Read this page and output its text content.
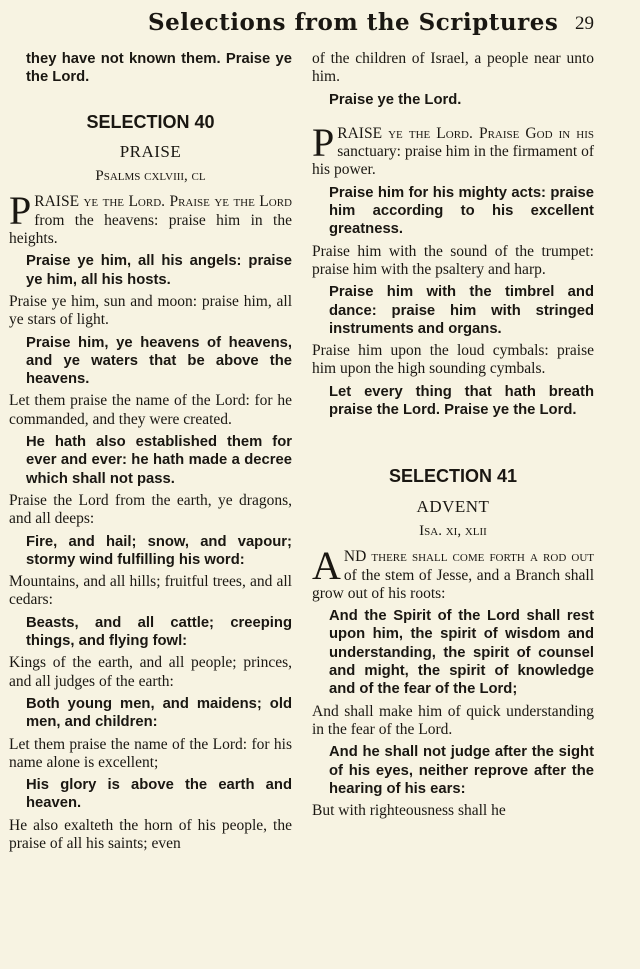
Selections from the Scriptures 29

they have not known them. Praise ye the Lord.

SELECTION 40
PRAISE
Psalms cxlviii, cl

PRAISE ye the Lord. Praise ye the Lord from the heavens: praise him in the heights.

Praise ye him, all his angels: praise ye him, all his hosts.

Praise ye him, sun and moon: praise him, all ye stars of light.

Praise him, ye heavens of heavens, and ye waters that be above the heavens.

Let them praise the name of the Lord: for he commanded, and they were created.

He hath also established them for ever and ever: he hath made a decree which shall not pass.

Praise the Lord from the earth, ye dragons, and all deeps:

Fire, and hail; snow, and vapour; stormy wind fulfilling his word:

Mountains, and all hills; fruitful trees, and all cedars:

Beasts, and all cattle; creeping things, and flying fowl:

Kings of the earth, and all people; princes, and all judges of the earth:

Both young men, and maidens; old men, and children:

Let them praise the name of the Lord: for his name alone is excellent;

His glory is above the earth and heaven.

He also exalteth the horn of his people, the praise of all his saints; even

of the children of Israel, a people near unto him.

Praise ye the Lord.

PRAISE ye the Lord. Praise God in his sanctuary: praise him in the firmament of his power.

Praise him for his mighty acts: praise him according to his excellent greatness.

Praise him with the sound of the trumpet: praise him with the psaltery and harp.

Praise him with the timbrel and dance: praise him with stringed instruments and organs.

Praise him upon the loud cymbals: praise him upon the high sounding cymbals.

Let every thing that hath breath praise the Lord. Praise ye the Lord.

SELECTION 41
ADVENT
Isa. xi, xlii

AND there shall come forth a rod out of the stem of Jesse, and a Branch shall grow out of his roots:

And the Spirit of the Lord shall rest upon him, the spirit of wisdom and understanding, the spirit of counsel and might, the spirit of knowledge and of the fear of the Lord;

And shall make him of quick understanding in the fear of the Lord.

And he shall not judge after the sight of his eyes, neither reprove after the hearing of his ears:

But with righteousness shall he
